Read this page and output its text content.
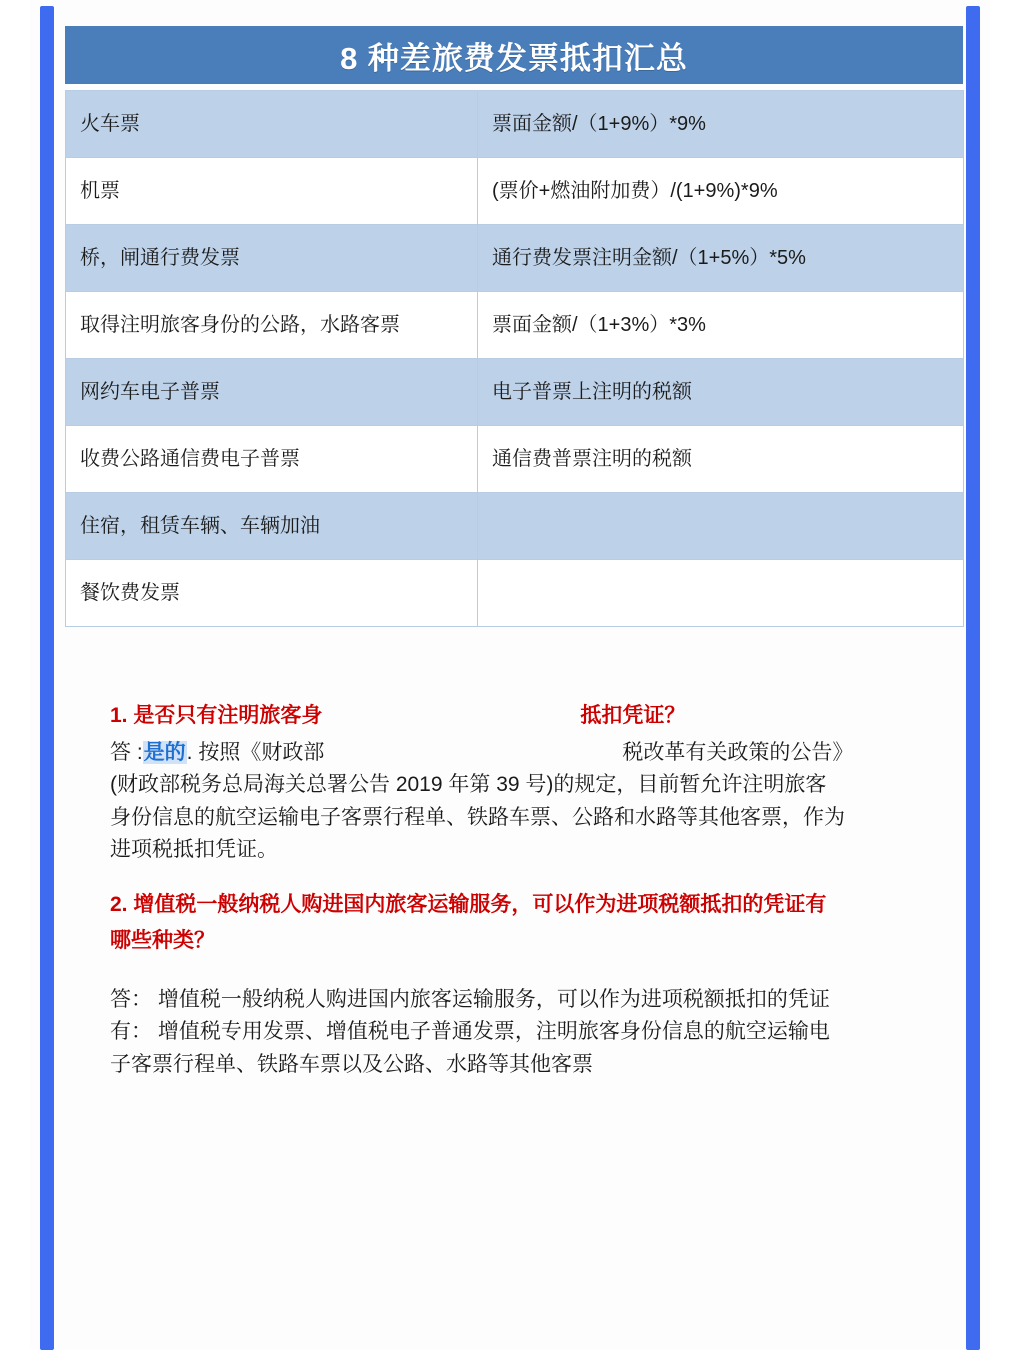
8 种差旅费发票抵扣汇总
火车票	票面金额/（1+9%）*9%
机票	(票价+燃油附加费）/(1+9%)*9%
桥，闸通行费发票	通行费发票注明金额/（1+5%）*5%
取得注明旅客身份的公路，水路客票	票面金额/（1+3%）*3%
网约车电子普票	电子普票上注明的税额
收费公路通信费电子普票	通信费普票注明的税额
住宿，租赁车辆、车辆加油	
餐饮费发票	

1. 是否只有注明旅客身	抵扣凭证？

答 :是的. 按照《财政部	税改革有关政策的公告》

(财政部税务总局海关总署公告 2019 年第 39 号)的规定，目前暂允许注明旅客

身份信息的航空运输电子客票行程单、铁路车票、公路和水路等其他客票，作为

进项税抵扣凭证。

2. 增值税一般纳税人购进国内旅客运输服务，可以作为进项税额抵扣的凭证有

哪些种类？

答： 增值税一般纳税人购进国内旅客运输服务，可以作为进项税额抵扣的凭证

有： 增值税专用发票、增值税电子普通发票，注明旅客身份信息的航空运输电

子客票行程单、铁路车票以及公路、水路等其他客票
